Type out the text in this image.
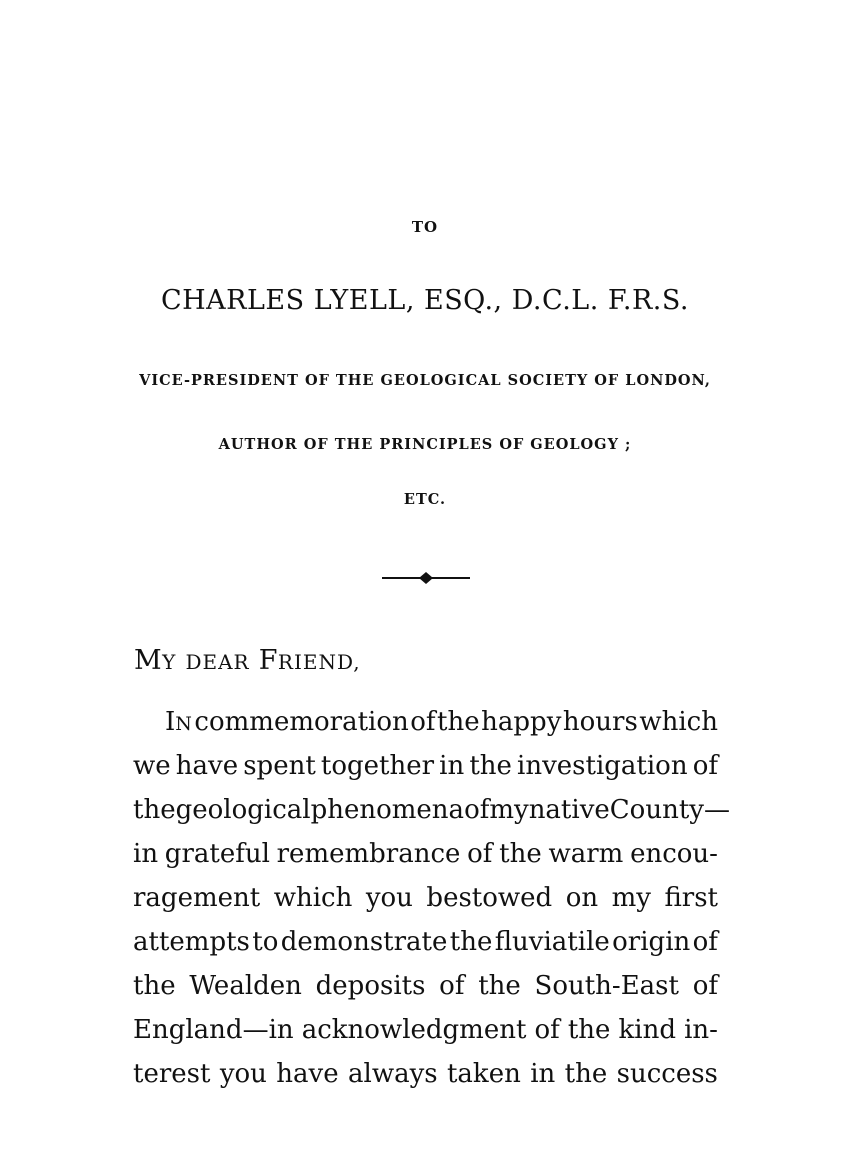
TO
CHARLES LYELL, ESQ., D.C.L. F.R.S.
VICE-PRESIDENT OF THE GEOLOGICAL SOCIETY OF LONDON,
AUTHOR OF THE PRINCIPLES OF GEOLOGY ;
ETC.
MY DEAR FRIEND,
IN commemoration of the happy hours which
we have spent together in the investigation of
the geological phenomena of my native County—
in grateful remembrance of the warm encou-
ragement which you bestowed on my first
attempts to demonstrate the fluviatile origin of
the Wealden deposits of the South-East of
England—in acknowledgment of the kind in-
terest you have always taken in the success
